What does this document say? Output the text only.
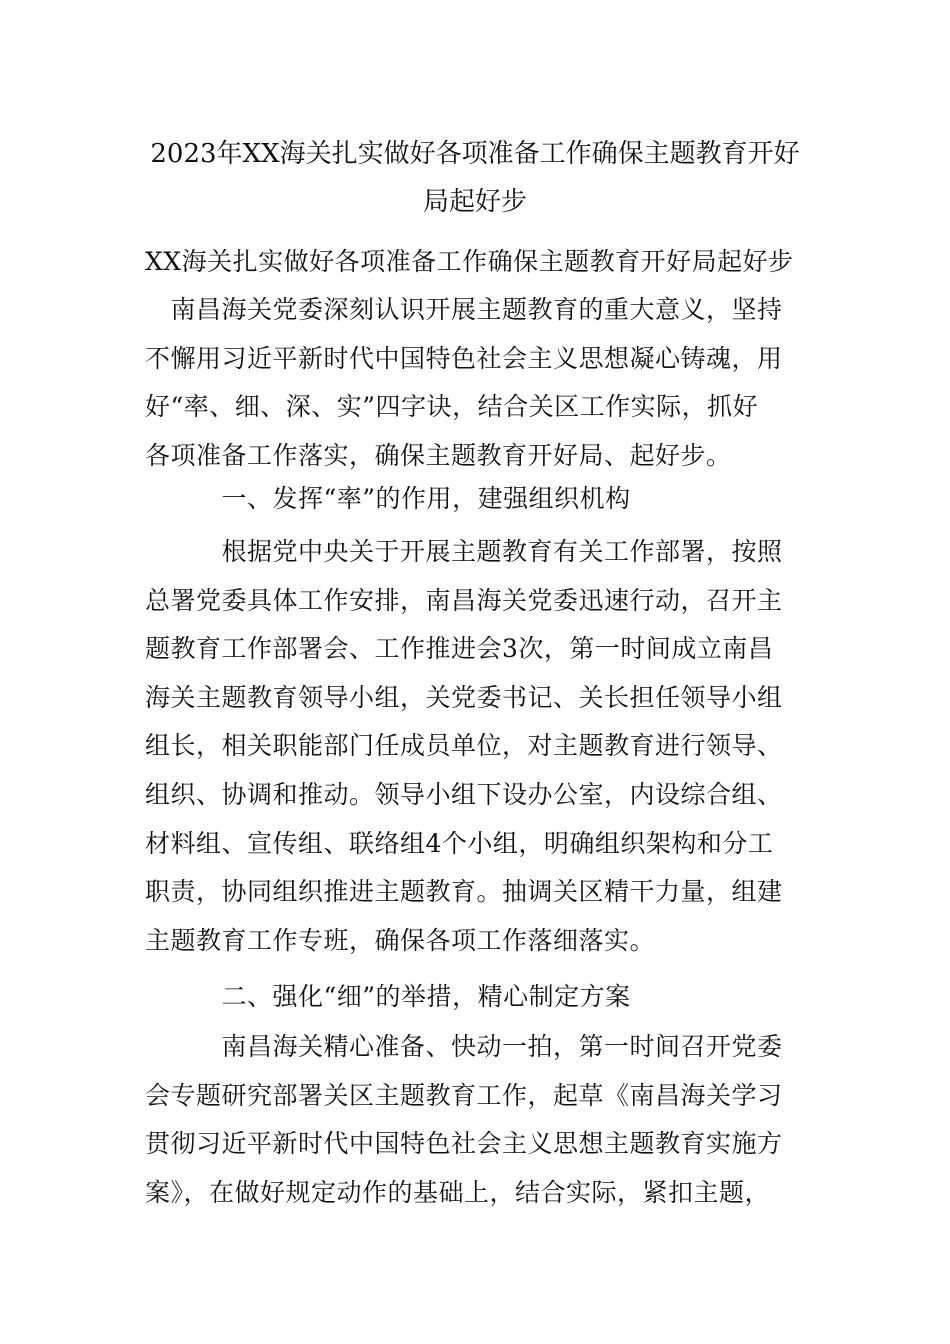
2023年XX海关扎实做好各项准备工作确保主题教育开好
局起好步

XX海关扎实做好各项准备工作确保主题教育开好局起好步

　南昌海关党委深刻认识开展主题教育的重大意义，坚持
不懈用习近平新时代中国特色社会主义思想凝心铸魂，用
好“率、细、深、实”四字诀，结合关区工作实际，抓好
各项准备工作落实，确保主题教育开好局、起好步。

　　　一、发挥“率”的作用，建强组织机构

　　　根据党中央关于开展主题教育有关工作部署，按照
总署党委具体工作安排，南昌海关党委迅速行动，召开主
题教育工作部署会、工作推进会3次，第一时间成立南昌
海关主题教育领导小组，关党委书记、关长担任领导小组
组长，相关职能部门任成员单位，对主题教育进行领导、
组织、协调和推动。领导小组下设办公室，内设综合组、
材料组、宣传组、联络组4个小组，明确组织架构和分工
职责，协同组织推进主题教育。抽调关区精干力量，组建
主题教育工作专班，确保各项工作落细落实。

　　　二、强化“细”的举措，精心制定方案

　　　南昌海关精心准备、快动一拍，第一时间召开党委
会专题研究部署关区主题教育工作，起草《南昌海关学习
贯彻习近平新时代中国特色社会主义思想主题教育实施方
案》，在做好规定动作的基础上，结合实际，紧扣主题，
